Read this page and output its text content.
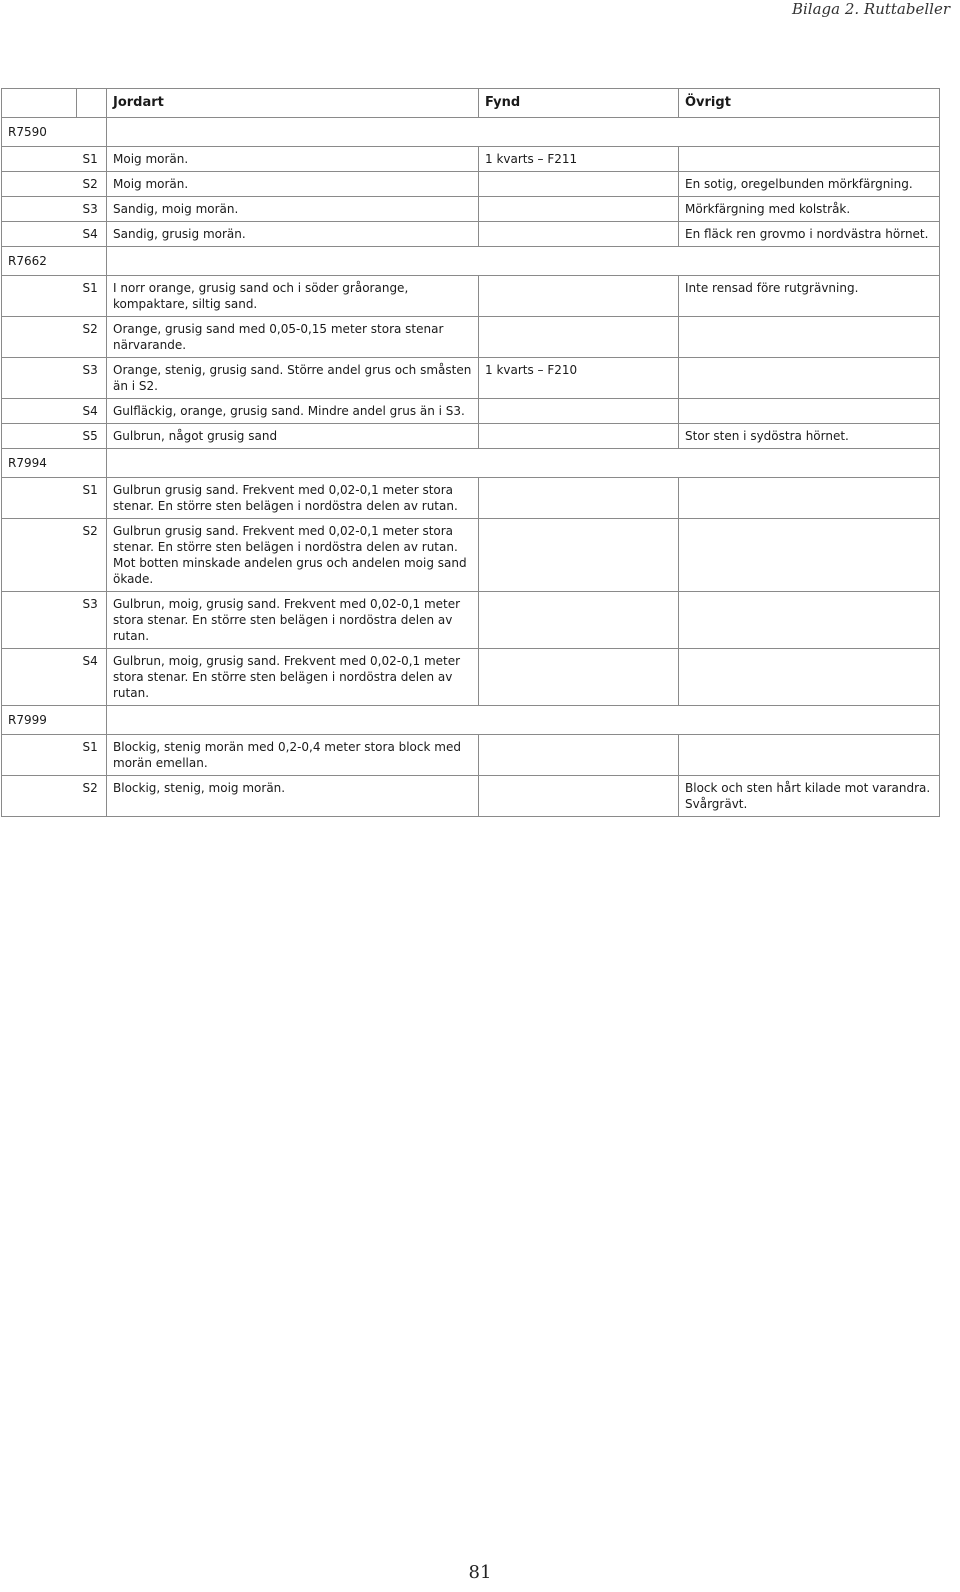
Bilaga 2. Ruttabeller
		Jordart	Fynd	Övrigt
R7590				
	S1	Moig morän.	1 kvarts – F211	
	S2	Moig morän.		En sotig, oregelbunden mörkfärgning.
	S3	Sandig, moig morän.		Mörkfärgning med kolstråk.
	S4	Sandig, grusig morän.		En fläck ren grovmo i nordvästra hörnet.
R7662				
	S1	I norr orange, grusig sand och i söder gråorange, kompaktare, siltig sand.		Inte rensad före rutgrävning.
	S2	Orange, grusig sand med 0,05-0,15 meter stora stenar närvarande.		
	S3	Orange, stenig, grusig sand. Större andel grus och småsten än i S2.	1 kvarts – F210	
	S4	Gulfläckig, orange, grusig sand. Mindre andel grus än i S3.		
	S5	Gulbrun, något grusig sand		Stor sten i sydöstra hörnet.
R7994				
	S1	Gulbrun grusig sand. Frekvent med 0,02-0,1 meter stora stenar. En större sten belägen i nordöstra delen av rutan.		
	S2	Gulbrun grusig sand. Frekvent med 0,02-0,1 meter stora stenar. En större sten belägen i nordöstra delen av rutan. Mot botten minskade andelen grus och andelen moig sand ökade.		
	S3	Gulbrun, moig, grusig sand. Frekvent med 0,02-0,1 meter stora stenar. En större sten belägen i nordöstra delen av rutan.		
	S4	Gulbrun, moig, grusig sand. Frekvent med 0,02-0,1 meter stora stenar. En större sten belägen i nordöstra delen av rutan.		
R7999				
	S1	Blockig, stenig morän med 0,2-0,4 meter stora block med morän emellan.		
	S2	Blockig, stenig, moig morän.		Block och sten hårt kilade mot varandra. Svårgrävt.
81
